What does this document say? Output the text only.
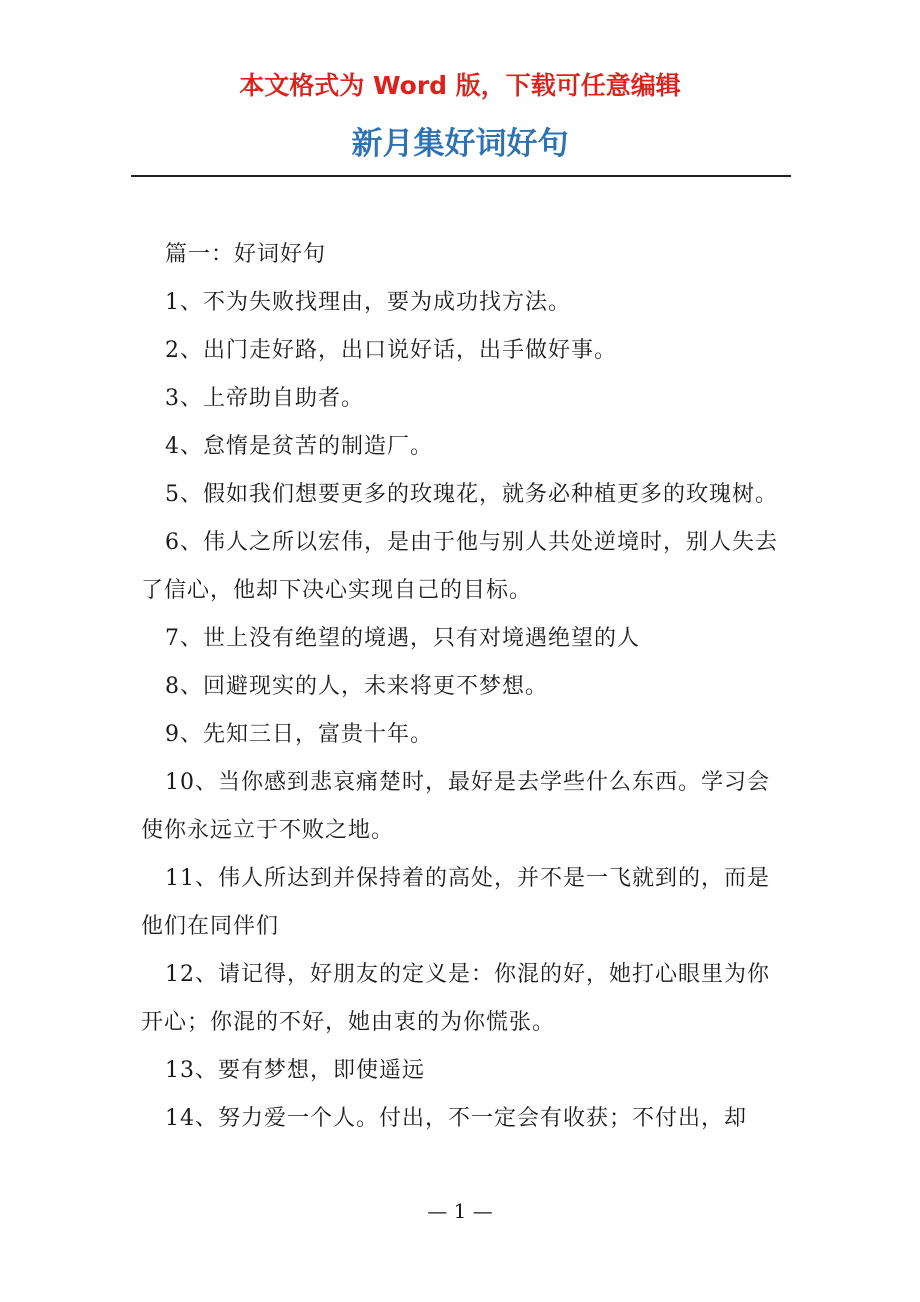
本文格式为 Word 版，下载可任意编辑

新月集好词好句

篇一：好词好句

1、不为失败找理由，要为成功找方法。

2、出门走好路，出口说好话，出手做好事。

3、上帝助自助者。

4、怠惰是贫苦的制造厂。

5、假如我们想要更多的玫瑰花，就务必种植更多的玫瑰树。

6、伟人之所以宏伟，是由于他与别人共处逆境时，别人失去了信心，他却下决心实现自己的目标。

7、世上没有绝望的境遇，只有对境遇绝望的人

8、回避现实的人，未来将更不梦想。

9、先知三日，富贵十年。

10、当你感到悲哀痛楚时，最好是去学些什么东西。学习会使你永远立于不败之地。

11、伟人所达到并保持着的高处，并不是一飞就到的，而是他们在同伴们

12、请记得，好朋友的定义是：你混的好，她打心眼里为你开心；你混的不好，她由衷的为你慌张。

13、要有梦想，即使遥远

14、努力爱一个人。付出，不一定会有收获；不付出，却

— 1 —
